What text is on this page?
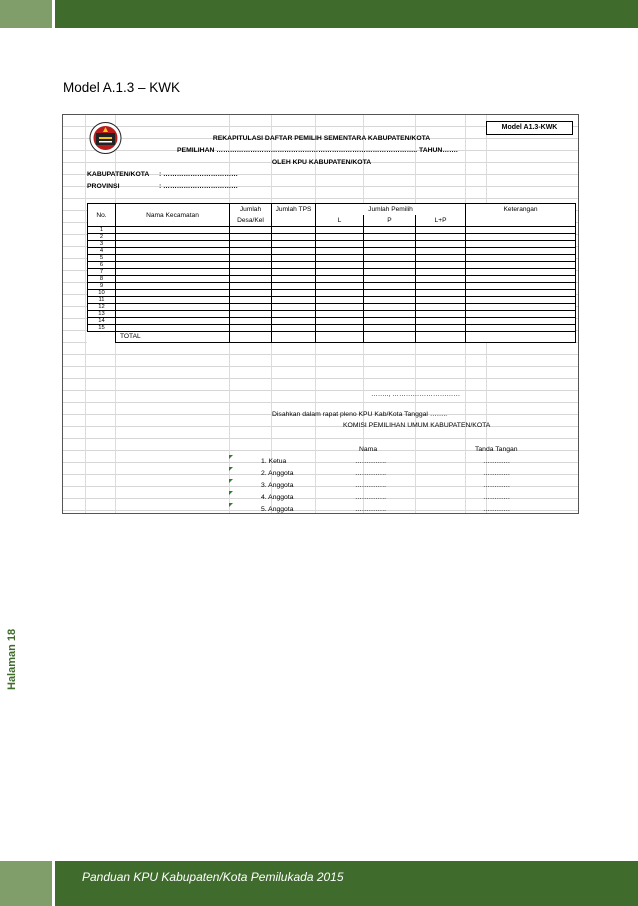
Model A.1.3 – KWK
Model A1.3-KWK
REKAPITULASI DAFTAR PEMILIH SEMENTARA KABUPATEN/KOTA
PEMILIHAN …………………………………………………………………………….. TAHUN…….
OLEH KPU KABUPATEN/KOTA
KABUPATEN/KOTA : ……………………………
PROVINSI	: ……………………………
No.	Nama Kecamatan	Jumlah	Jumlah TPS	Jumlah Pemilih			Keterangan
		Desa/Kel		L	P	L+P	
1							
2							
3							
4							
5							
6							
7							
8							
9							
10							
11							
12							
13							
14							
15							
	TOTAL						
…….., …………………………
Disahkan dalam rapat pleno KPU Kab/Kota Tanggal ……..
KOMISI PEMILIHAN UMUM KABUPATEN/KOTA
Nama	Tanda Tangan
1. Ketua	…………..	…………
2. Anggota	…………..	…………
3. Anggota	…………..	…………
4. Anggota	…………..	…………
5. Anggota	…………..	…………
Halaman 18
Panduan KPU Kabupaten/Kota Pemilukada 2015
